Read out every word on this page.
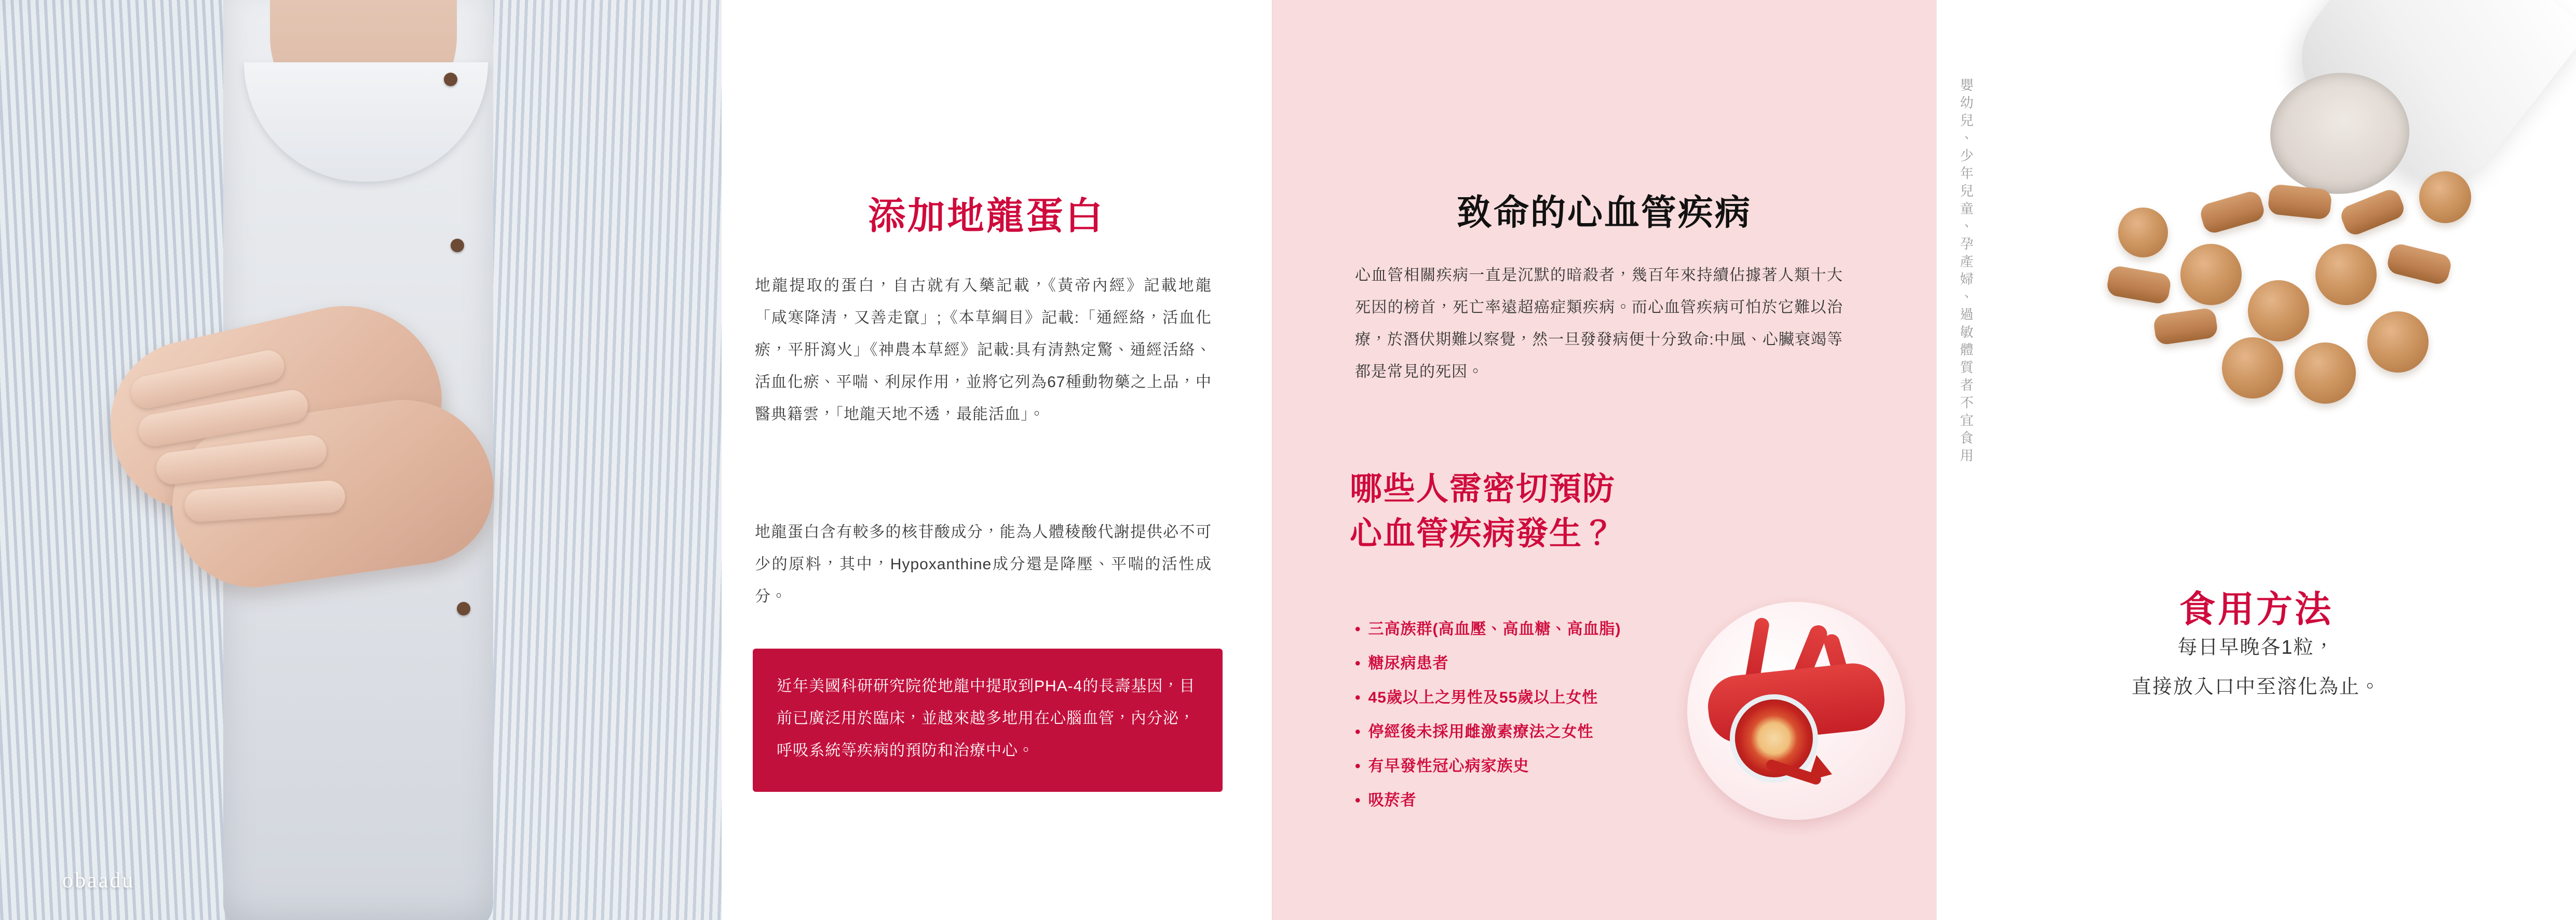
obaadu
添加地龍蛋白

地龍提取的蛋白，自古就有入藥記載，《黃帝內經》記載地龍「咸寒降清，又善走竄」;《本草綱目》記載:「通經絡，活血化瘀，平肝瀉火」《神農本草經》記載:具有清熱定驚、通經活絡、活血化瘀、平喘、利尿作用，並將它列為67種動物藥之上品，中醫典籍雲，「地龍天地不透，最能活血」。

地龍蛋白含有較多的核苷酸成分，能為人體稜酸代謝提供必不可少的原料，其中，Hypoxanthine成分還是降壓、平喘的活性成分。

近年美國科研研究院從地龍中提取到PHA-4的長壽基因，目前已廣泛用於臨床，並越來越多地用在心腦血管，內分泌，呼吸系統等疾病的預防和治療中心。
致命的心血管疾病

心血管相關疾病一直是沉默的暗殺者，幾百年來持續佔據著人類十大死因的榜首，死亡率遠超癌症類疾病。而心血管疾病可怕於它難以治療，於潛伏期難以察覺，然一旦發發病便十分致命:中風、心臟衰竭等都是常見的死因。

哪些人需密切預防
心血管疾病發生？
• 三高族群(高血壓、高血糖、高血脂)
• 糖尿病患者
• 45歲以上之男性及55歲以上女性
• 停經後未採用雌激素療法之女性
• 有早發性冠心病家族史
• 吸菸者
嬰幼兒、少年兒童、孕產婦、過敏體質者不宜食用
食用方法
每日早晚各1粒，
直接放入口中至溶化為止。
